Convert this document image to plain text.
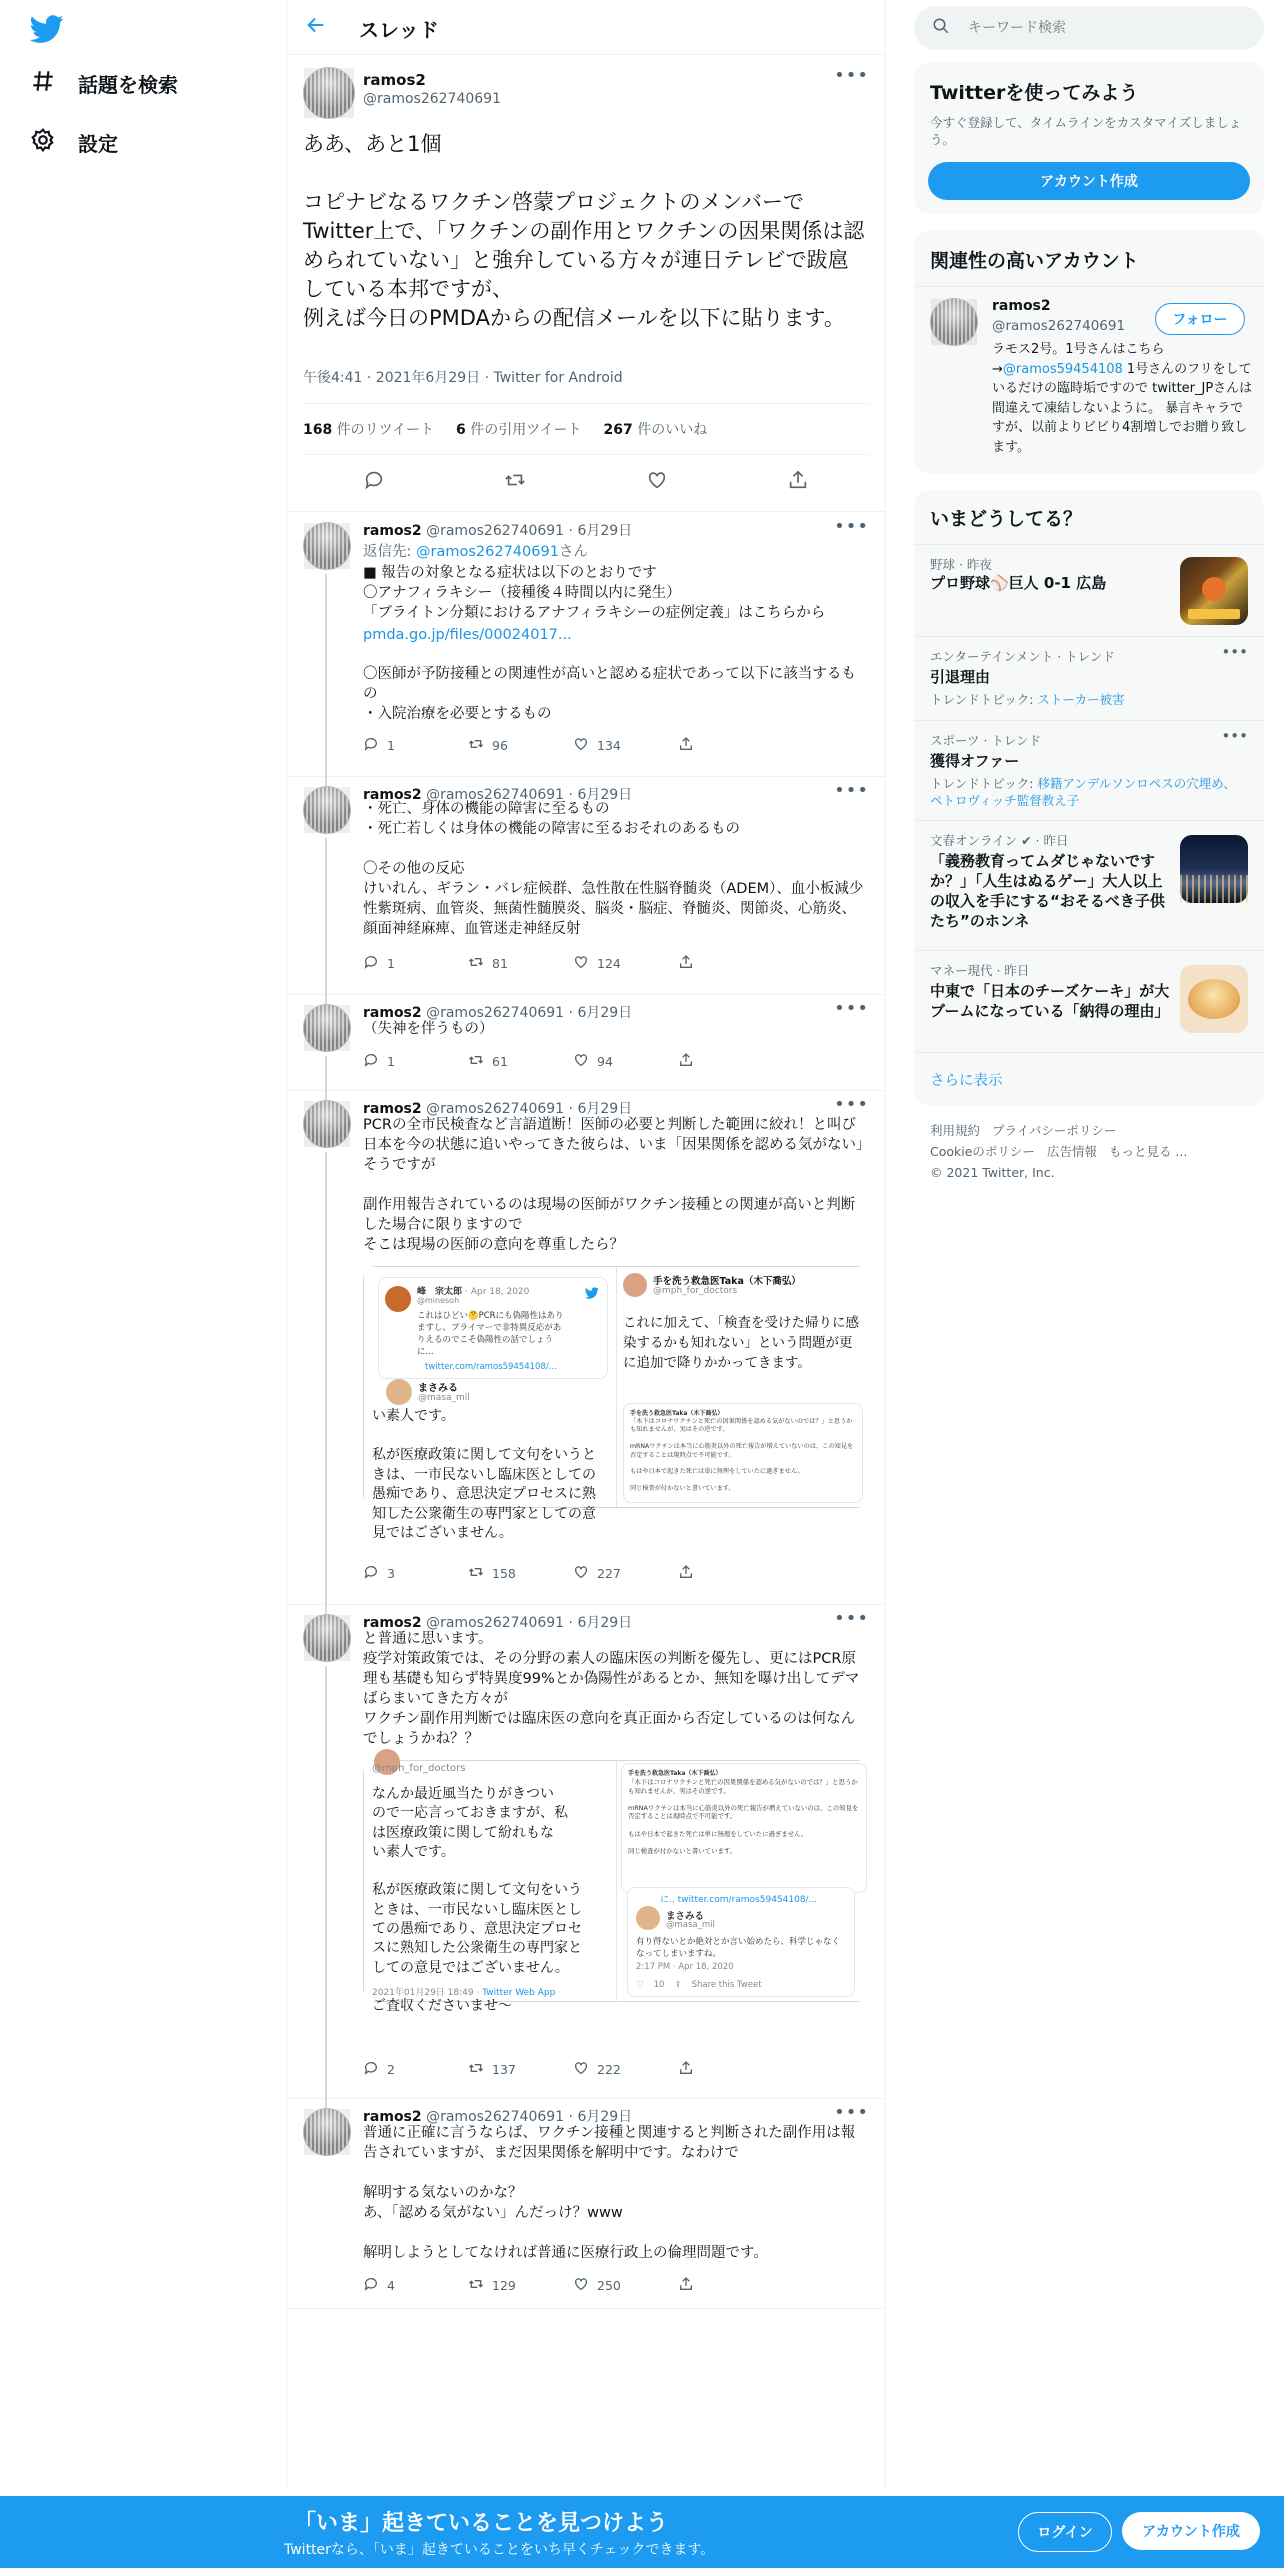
話題を検索
設定
スレッド
ramos2
@ramos262740691
•••
ああ、あと1個

コピナビなるワクチン啓蒙プロジェクトのメンバーでTwitter上で、「ワクチンの副作用とワクチンの因果関係は認められていない」と強弁している方々が連日テレビで跋扈している本邦ですが、
例えば今日のPMDAからの配信メールを以下に貼ります。
午後4:41 · 2021年6月29日 · Twitter for Android
168 件のリツイート 6 件の引用ツイート 267 件のいいね
ramos2 @ramos262740691 · 6月29日	•••
返信先: @ramos262740691さん
■ 報告の対象となる症状は以下のとおりです
〇アナフィラキシー（接種後４時間以内に発生）
「ブライトン分類におけるアナフィラキシーの症例定義」はこちらから
pmda.go.jp/files/00024017...
〇医師が予防接種との関連性が高いと認める症状であって以下に該当するもの
・入院治療を必要とするもの
1	96	134
ramos2 @ramos262740691 · 6月29日	•••
・死亡、身体の機能の障害に至るもの
・死亡若しくは身体の機能の障害に至るおそれのあるもの

〇その他の反応
けいれん、ギラン・バレ症候群、急性散在性脳脊髄炎（ADEM）、血小板減少性紫斑病、血管炎、無菌性髄膜炎、脳炎・脳症、脊髄炎、関節炎、心筋炎、顔面神経麻痺、血管迷走神経反射
1	81	124
ramos2 @ramos262740691 · 6月29日	•••
（失神を伴うもの）
1	61	94
ramos2 @ramos262740691 · 6月29日	•••
PCRの全市民検査など言語道断！医師の必要と判断した範囲に絞れ！と叫び日本を今の状態に追いやってきた彼らは、いま「因果関係を認める気がない」そうですが

副作用報告されているのは現場の医師がワクチン接種との関連が高いと判断した場合に限りますので
そこは現場の医師の意向を尊重したら？
峰　宗太郎 · Apr 18, 2020
@minesoh
これはひどい🤔PCRにも偽陽性はありますし、プライマーで非特異反応がありえるのでこそ偽陽性の話でしょうに...
twitter.com/ramos59454108/...
まさみる
@masa_mil
い素人です。

私が医療政策に関して文句をいうときは、一市民ないし臨床医としての愚痴であり、意思決定プロセスに熟知した公衆衛生の専門家としての意見ではございません。
手を洗う救急医Taka（木下喬弘）
@mph_for_doctors
これに加えて、「検査を受けた帰りに感染するかも知れない」という問題が更に追加で降りかかってきます。
手を洗う救急医Taka（木下喬弘）
「木下はコロナワクチンと死亡の因果関係を認める気がないのでは？」と思うかも知れませんが、実はその逆です。

mRNAワクチンは本当に心筋炎以外の死亡報告が増えていないのは、この知見を否定することは現時点で不可能です。

もはや日本で起きた死亡は単に無理をしていたに過ぎません。

同じ検査が付かないと書いています。
3	158	227
ramos2 @ramos262740691 · 6月29日	•••
と普通に思います。
疫学対策政策では、その分野の素人の臨床医の判断を優先し、更にはPCR原理も基礎も知らず特異度99%とか偽陽性があるとか、無知を曝け出してデマばらまいてきた方々が
ワクチン副作用判断では臨床医の意向を真正面から否定しているのは何なんでしょうかね？？
@mph_for_doctors
なんか最近風当たりがきつい
ので一応言っておきますが、私
は医療政策に関して紛れもな
い素人です。

私が医療政策に関して文句をいう
ときは、一市民ないし臨床医とし
ての愚痴であり、意思決定プロセ
スに熟知した公衆衛生の専門家と
しての意見ではございません。

ご査収くださいませ〜
2021年01月29日 18:49 · Twitter Web App
手を洗う救急医Taka（木下喬弘）
「木下はコロナワクチンと死亡の因果関係を認める気がないのでは？」と思うかも知れませんが、実はその逆です。

mRNAワクチンは本当に心筋炎以外の死亡報告が増えていないのは、この知見を否定することは現時点で不可能です。

もはや日本で起きた死亡は単に無理をしていたに過ぎません。

同じ検査が付かないと書いています。
に.. twitter.com/ramos59454108/...
まさみる
@masa_mil
有り得ないとか絶対とか言い始めたら、科学じゃなくなってしまいますね。
2:17 PM · Apr 18, 2020
♡ 10 ⇪ Share this Tweet
2	137	222
ramos2 @ramos262740691 · 6月29日	•••
普通に正確に言うならば、ワクチン接種と関連すると判断された副作用は報告されていますが、まだ因果関係を解明中です。なわけで

解明する気ないのかな？
あ、「認める気がない」んだっけ？www

解明しようとしてなければ普通に医療行政上の倫理問題です。
4	129	250
キーワード検索
Twitterを使ってみよう
今すぐ登録して、タイムラインをカスタマイズしましょう。
アカウント作成
関連性の高いアカウント
ramos2
@ramos262740691	フォロー
ラモス2号。1号さんはこちら→@ramos59454108 1号さんのフリをしているだけの臨時垢ですので twitter_JPさんは間違えて凍結しないように。 暴言キャラですが、以前よりビビり4割増しでお贈り致します。
いまどうしてる？
野球 · 昨夜
プロ野球⚾巨人 0-1 広島
エンターテインメント · トレンド	•••
引退理由
トレンドトピック: ストーカー被害
スポーツ · トレンド	•••
獲得オファー
トレンドトピック: 移籍アンデルソンロペスの穴埋め、ペトロヴィッチ監督教え子
文春オンライン ✔ · 昨日
「義務教育ってムダじゃないですか？」「人生はぬるゲー」大人以上の収入を手にする“おそるべき子供たち”のホンネ
マネー現代 · 昨日
中東で「日本のチーズケーキ」が大ブームになっている「納得の理由」
さらに表示
利用規約 プライバシーポリシー
Cookieのポリシー 広告情報 もっと見る ...
© 2021 Twitter, Inc.
「いま」起きていることを見つけよう
Twitterなら、「いま」起きていることをいち早くチェックできます。
ログイン	アカウント作成
